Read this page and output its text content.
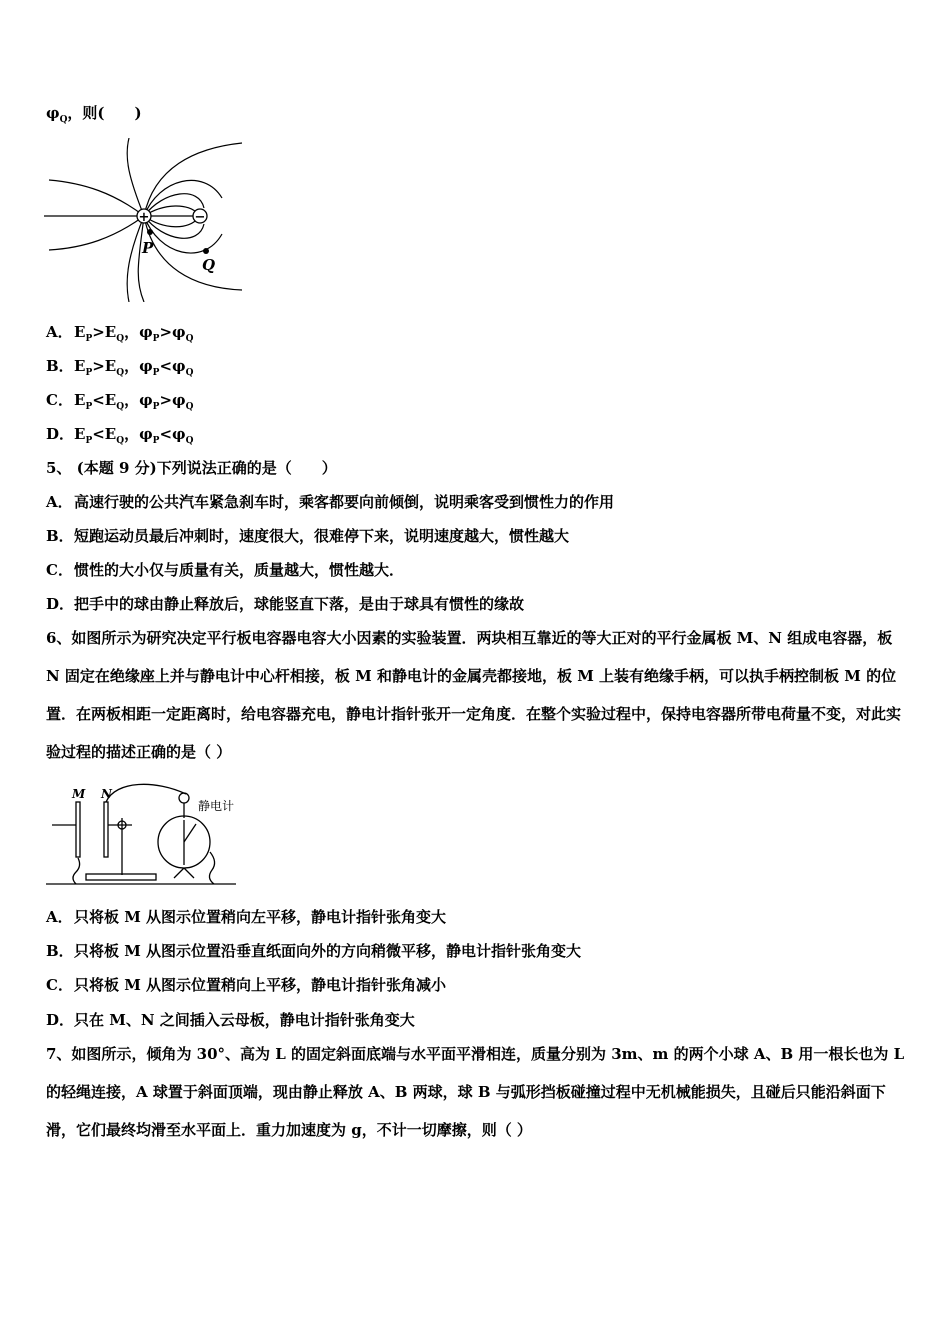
$\varphi_Q$，则(　　)
+	−
P
Q
A．$E_P>E_Q$，$\varphi_P>\varphi_Q$
B．$E_P>E_Q$，$\varphi_P<\varphi_Q$
C．$E_P<E_Q$，$\varphi_P>\varphi_Q$
D．$E_P<E_Q$，$\varphi_P<\varphi_Q$
5、 (本题 9 分)下列说法正确的是（　　）
A．高速行驶的公共汽车紧急刹车时，乘客都要向前倾倒，说明乘客受到惯性力的作用
B．短跑运动员最后冲刺时，速度很大，很难停下来，说明速度越大，惯性越大
C．惯性的大小仅与质量有关，质量越大，惯性越大．
D．把手中的球由静止释放后，球能竖直下落，是由于球具有惯性的缘故
6、如图所示为研究决定平行板电容器电容大小因素的实验装置．两块相互靠近的等大正对的平行金属板 M、N 组成电容器，板 N 固定在绝缘座上并与静电计中心杆相接，板 M 和静电计的金属壳都接地，板 M 上装有绝缘手柄，可以执手柄控制板 M 的位置．在两板相距一定距离时，给电容器充电，静电计指针张开一定角度．在整个实验过程中，保持电容器所带电荷量不变，对此实验过程的描述正确的是（ ）
M N
静电计
A．只将板 M 从图示位置稍向左平移，静电计指针张角变大
B．只将板 M 从图示位置沿垂直纸面向外的方向稍微平移，静电计指针张角变大
C．只将板 M 从图示位置稍向上平移，静电计指针张角减小
D．只在 M、N 之间插入云母板，静电计指针张角变大
7、如图所示，倾角为 30°、高为 L 的固定斜面底端与水平面平滑相连，质量分别为 3m、m 的两个小球 A、B 用一根长也为 L 的轻绳连接，A 球置于斜面顶端，现由静止释放 A、B 两球，球 B 与弧形挡板碰撞过程中无机械能损失，且碰后只能沿斜面下滑，它们最终均滑至水平面上．重力加速度为 g，不计一切摩擦，则（ ）
